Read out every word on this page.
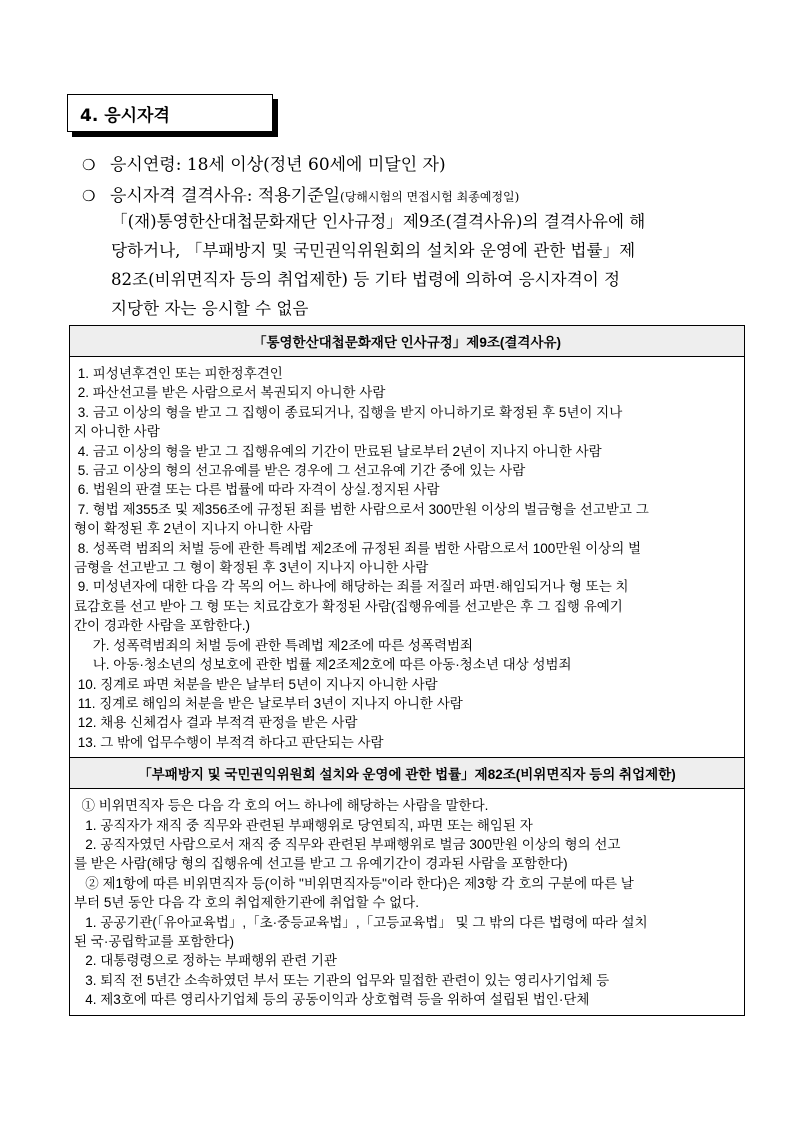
4. 응시자격
❍ 응시연령: 18세 이상(정년 60세에 미달인 자)
❍ 응시자격 결격사유: 적용기준일(당해시험의 면접시험 최종예정일)
「(재)통영한산대첩문화재단 인사규정」제9조(결격사유)의 결격사유에 해
당하거나, 「부패방지 및 국민권익위원회의 설치와 운영에 관한 법률」제
82조(비위면직자 등의 취업제한) 등 기타 법령에 의하여 응시자격이 정
지당한 자는 응시할 수 없음
「통영한산대첩문화재단 인사규정」제9조(결격사유)
1. 피성년후견인 또는 피한정후견인
2. 파산선고를 받은 사람으로서 복권되지 아니한 사람
3. 금고 이상의 형을 받고 그 집행이 종료되거나, 집행을 받지 아니하기로 확정된 후 5년이 지나
지 아니한 사람
4. 금고 이상의 형을 받고 그 집행유예의 기간이 만료된 날로부터 2년이 지나지 아니한 사람
5. 금고 이상의 형의 선고유예를 받은 경우에 그 선고유예 기간 중에 있는 사람
6. 법원의 판결 또는 다른 법률에 따라 자격이 상실.정지된 사람
7. 형법 제355조 및 제356조에 규정된 죄를 범한 사람으로서 300만원 이상의 벌금형을 선고받고 그
형이 확정된 후 2년이 지나지 아니한 사람
8. 성폭력 범죄의 처벌 등에 관한 특례법 제2조에 규정된 죄를 범한 사람으로서 100만원 이상의 벌
금형을 선고받고 그 형이 확정된 후 3년이 지나지 아니한 사람
9. 미성년자에 대한 다음 각 목의 어느 하나에 해당하는 죄를 저질러 파면·해임되거나 형 또는 치
료감호를 선고 받아 그 형 또는 치료감호가 확정된 사람(집행유예를 선고받은 후 그 집행 유예기
간이 경과한 사람을 포함한다.)
가. 성폭력범죄의 처벌 등에 관한 특례법 제2조에 따른 성폭력범죄
나. 아동·청소년의 성보호에 관한 법률 제2조제2호에 따른 아동·청소년 대상 성범죄
10. 징계로 파면 처분을 받은 날부터 5년이 지나지 아니한 사람
11. 징계로 해임의 처분을 받은 날로부터 3년이 지나지 아니한 사람
12. 채용 신체검사 결과 부적격 판정을 받은 사람
13. 그 밖에 업무수행이 부적격 하다고 판단되는 사람
「부패방지 및 국민권익위원회 설치와 운영에 관한 법률」제82조(비위면직자 등의 취업제한)
① 비위면직자 등은 다음 각 호의 어느 하나에 해당하는 사람을 말한다.
1. 공직자가 재직 중 직무와 관련된 부패행위로 당연퇴직, 파면 또는 해임된 자
2. 공직자였던 사람으로서 재직 중 직무와 관련된 부패행위로 벌금 300만원 이상의 형의 선고
를 받은 사람(해당 형의 집행유예 선고를 받고 그 유예기간이 경과된 사람을 포함한다)
② 제1항에 따른 비위면직자 등(이하 "비위면직자등"이라 한다)은 제3항 각 호의 구분에 따른 날
부터 5년 동안 다음 각 호의 취업제한기관에 취업할 수 없다.
1. 공공기관(「유아교육법」,「초·중등교육법」,「고등교육법」 및 그 밖의 다른 법령에 따라 설치
된 국·공립학교를 포함한다)
2. 대통령령으로 정하는 부패행위 관련 기관
3. 퇴직 전 5년간 소속하였던 부서 또는 기관의 업무와 밀접한 관련이 있는 영리사기업체 등
4. 제3호에 따른 영리사기업체 등의 공동이익과 상호협력 등을 위하여 설립된 법인·단체
